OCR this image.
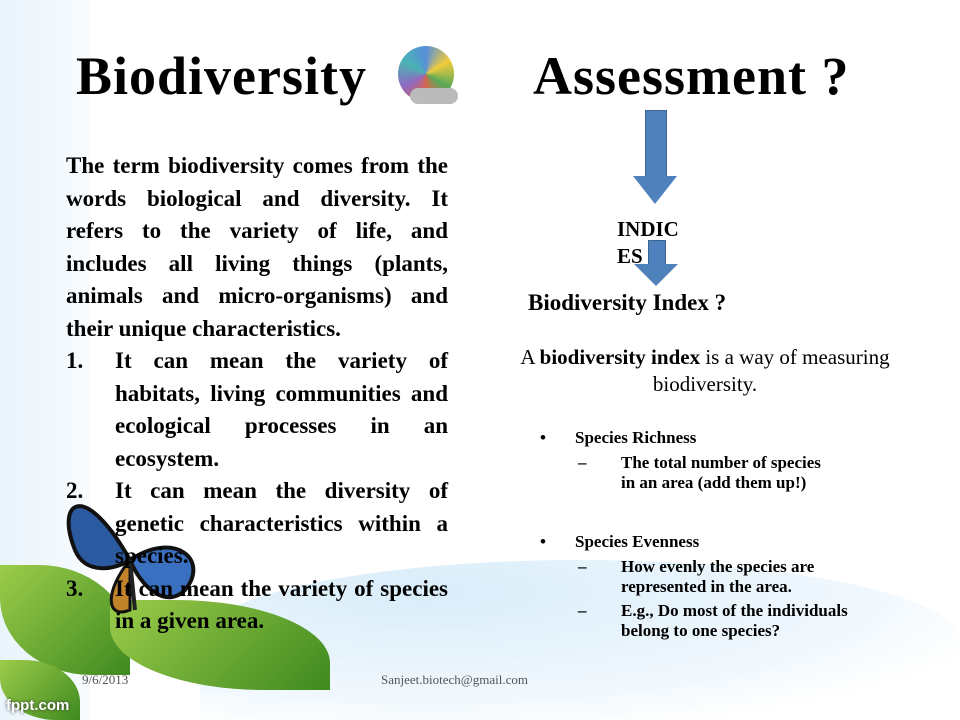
fppt.com
Biodiversity	Assessment ?

The term biodiversity comes from the words biological and diversity. It refers to the variety of life, and includes all living things (plants, animals and micro-organisms) and their unique characteristics.

1.	It can mean the variety of habitats, living communities and ecological processes in an ecosystem.
2.	It can mean the diversity of genetic characteristics within a species.
3.	It can mean the variety of species in a given area.
INDIC
ES
Biodiversity Index ?
A biodiversity index is a way of measuring biodiversity.
• Species Richness
–	The total number of species in an area (add them up!)
• Species Evenness
–	How evenly the species are represented in the area.
–	E.g., Do most of the individuals belong to one species?
9/6/2013	Sanjeet.biotech@gmail.com
